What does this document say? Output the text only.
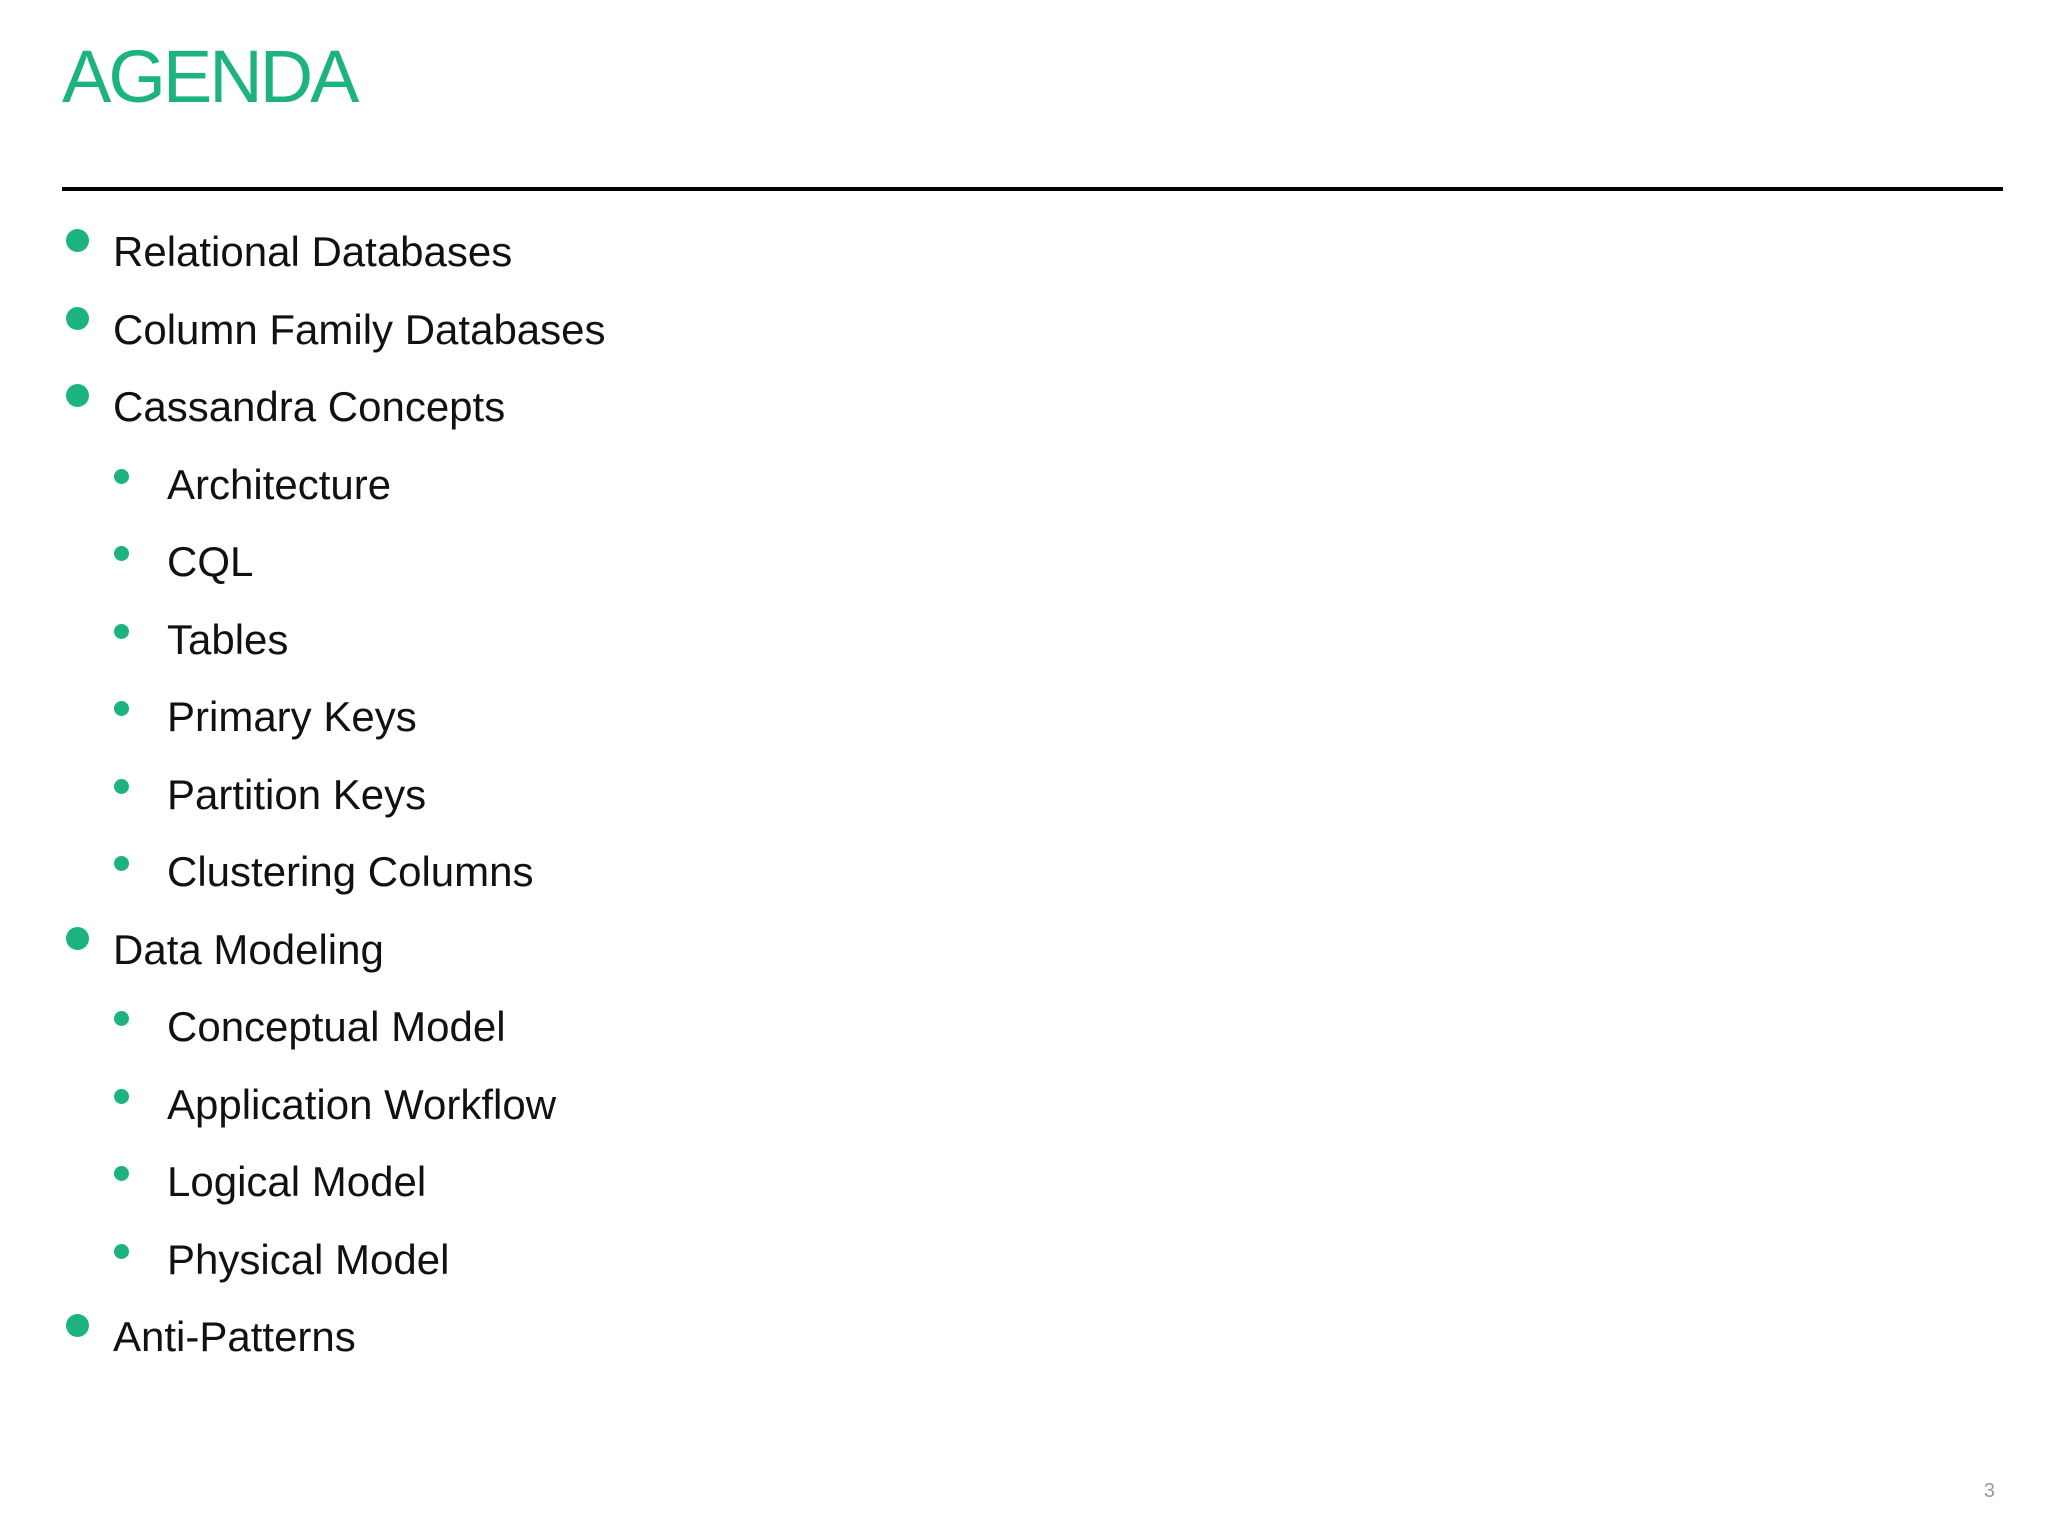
AGENDA
Relational Databases
Column Family Databases
Cassandra Concepts
Architecture
CQL
Tables
Primary Keys
Partition Keys
Clustering Columns
Data Modeling
Conceptual Model
Application Workflow
Logical Model
Physical Model
Anti-Patterns
3
